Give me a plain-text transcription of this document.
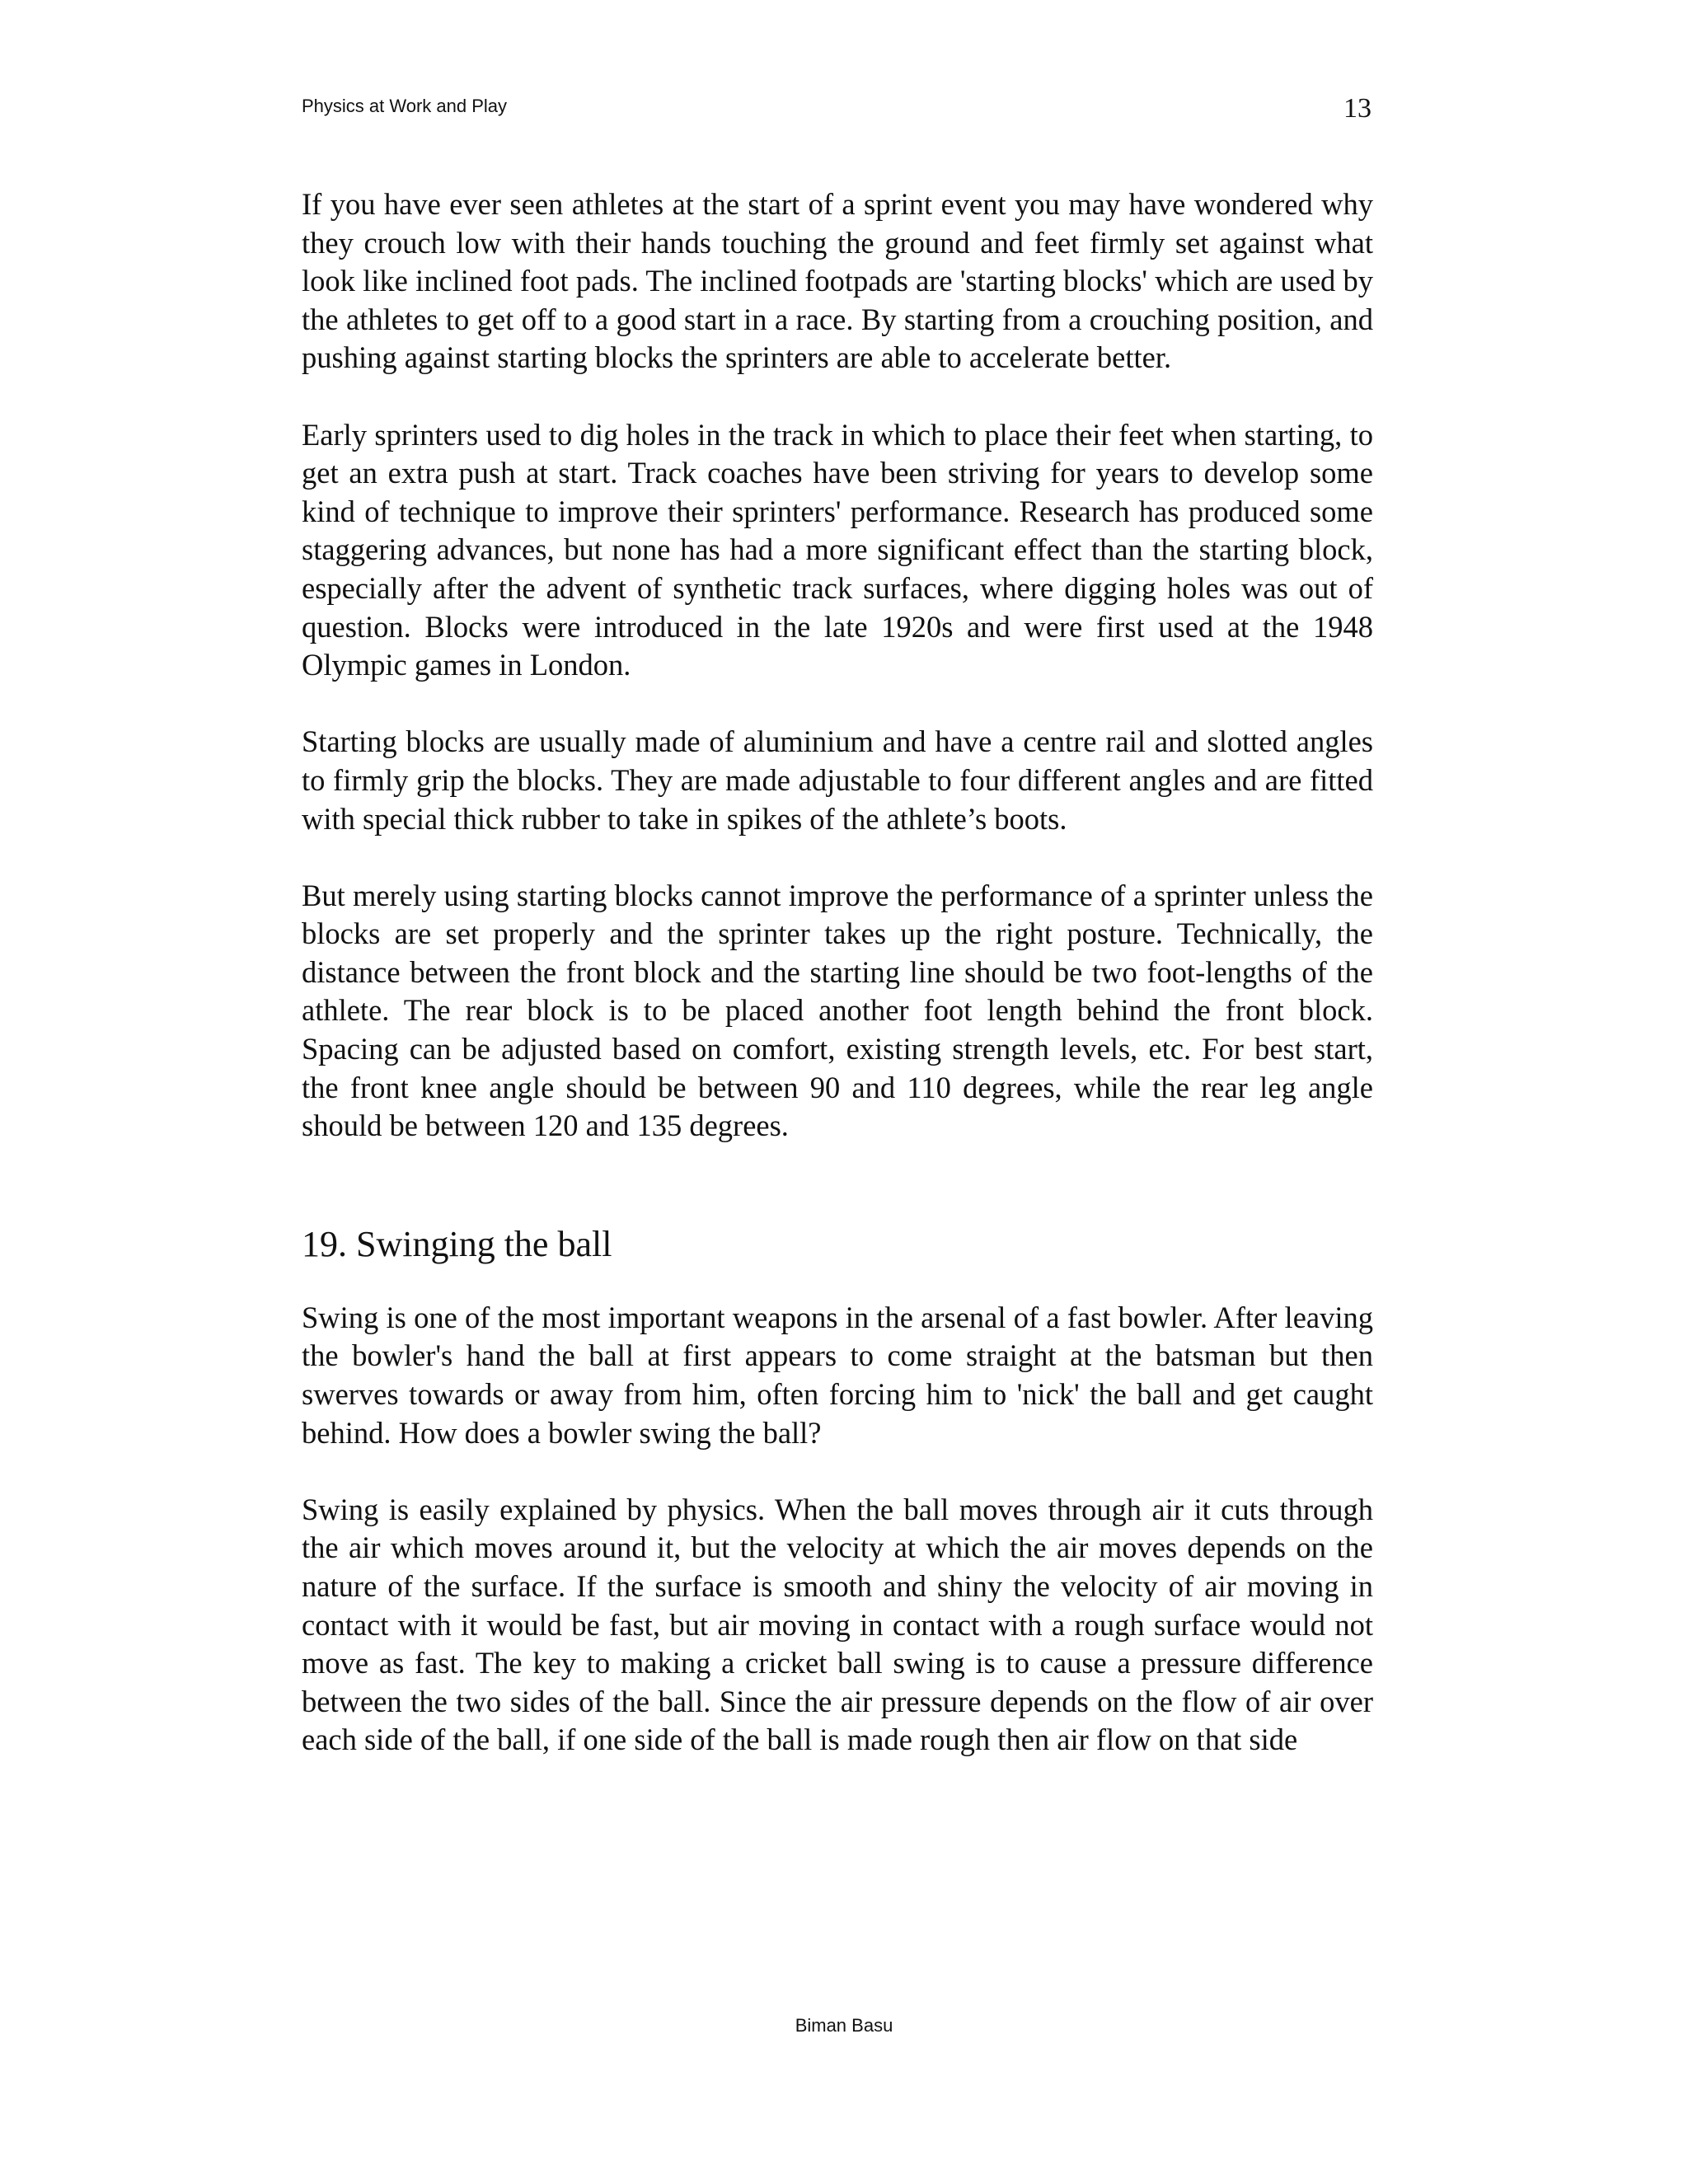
Physics at Work and Play	13

If you have ever seen athletes at the start of a sprint event you may have wondered why they crouch low with their hands touching the ground and feet firmly set against what look like inclined foot pads. The inclined footpads are 'starting blocks' which are used by the athletes to get off to a good start in a race. By starting from a crouching position, and pushing against starting blocks the sprinters are able to accelerate better.

Early sprinters used to dig holes in the track in which to place their feet when starting, to get an extra push at start. Track coaches have been striving for years to develop some kind of technique to improve their sprinters' performance. Research has produced some staggering advances, but none has had a more significant effect than the starting block, especially after the advent of synthetic track surfaces, where digging holes was out of question. Blocks were introduced in the late 1920s and were first used at the 1948 Olympic games in London.

Starting blocks are usually made of aluminium and have a centre rail and slotted angles to firmly grip the blocks. They are made adjustable to four different angles and are fitted with special thick rubber to take in spikes of the athlete’s boots.

But merely using starting blocks cannot improve the performance of a sprinter unless the blocks are set properly and the sprinter takes up the right posture. Technically, the distance between the front block and the starting line should be two foot-lengths of the athlete. The rear block is to be placed another foot length behind the front block. Spacing can be adjusted based on comfort, existing strength levels, etc. For best start, the front knee angle should be between 90 and 110 degrees, while the rear leg angle should be between 120 and 135 degrees.

19. Swinging the ball

Swing is one of the most important weapons in the arsenal of a fast bowler. After leaving the bowler's hand the ball at first appears to come straight at the batsman but then swerves towards or away from him, often forcing him to 'nick' the ball and get caught behind. How does a bowler swing the ball?

Swing is easily explained by physics. When the ball moves through air it cuts through the air which moves around it, but the velocity at which the air moves depends on the nature of the surface. If the surface is smooth and shiny the velocity of air moving in contact with it would be fast, but air moving in contact with a rough surface would not move as fast. The key to making a cricket ball swing is to cause a pressure difference between the two sides of the ball. Since the air pressure depends on the flow of air over each side of the ball, if one side of the ball is made rough then air flow on that side

Biman Basu
